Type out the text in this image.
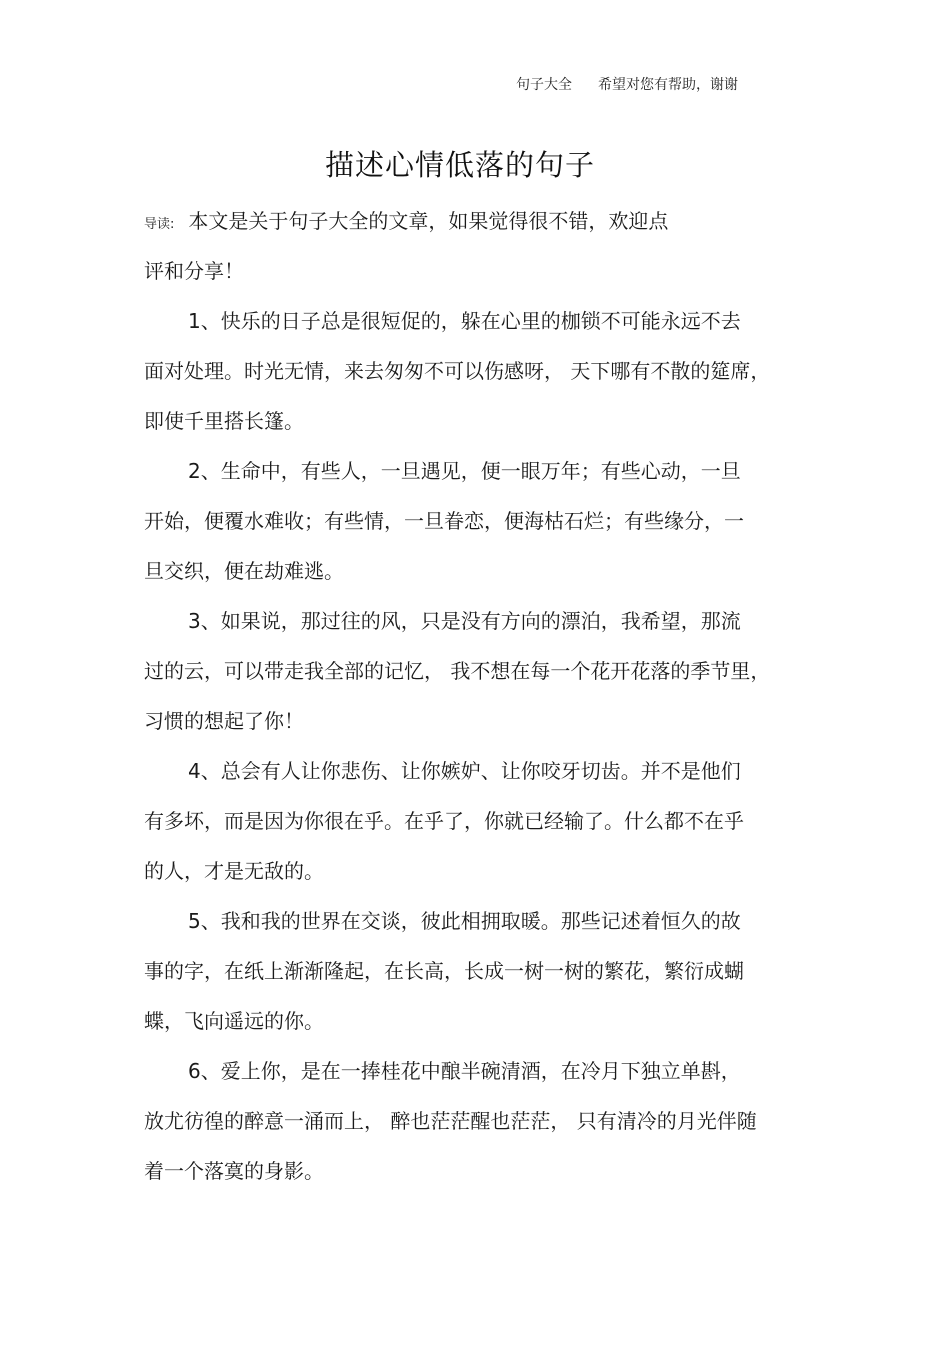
句子大全 希望对您有帮助，谢谢
描述心情低落的句子
导读: 本文是关于句子大全的文章，如果觉得很不错，欢迎点
评和分享！
1、快乐的日子总是很短促的，躲在心里的枷锁不可能永远不去
面对处理。时光无情，来去匆匆不可以伤感呀， 天下哪有不散的筵席，
即使千里搭长篷。
2、生命中，有些人，一旦遇见，便一眼万年；有些心动，一旦
开始，便覆水难收；有些情，一旦眷恋，便海枯石烂；有些缘分，一
旦交织，便在劫难逃。
3、如果说，那过往的风，只是没有方向的漂泊，我希望，那流
过的云，可以带走我全部的记忆， 我不想在每一个花开花落的季节里，
习惯的想起了你！
4、总会有人让你悲伤、让你嫉妒、让你咬牙切齿。并不是他们
有多坏，而是因为你很在乎。在乎了，你就已经输了。什么都不在乎
的人，才是无敌的。
5、我和我的世界在交谈，彼此相拥取暖。那些记述着恒久的故
事的字，在纸上渐渐隆起，在长高，长成一树一树的繁花，繁衍成蝴
蝶，飞向遥远的你。
6、爱上你，是在一捧桂花中酿半碗清酒，在冷月下独立单斟，
放尤彷徨的醉意一涌而上， 醉也茫茫醒也茫茫， 只有清冷的月光伴随
着一个落寞的身影。
